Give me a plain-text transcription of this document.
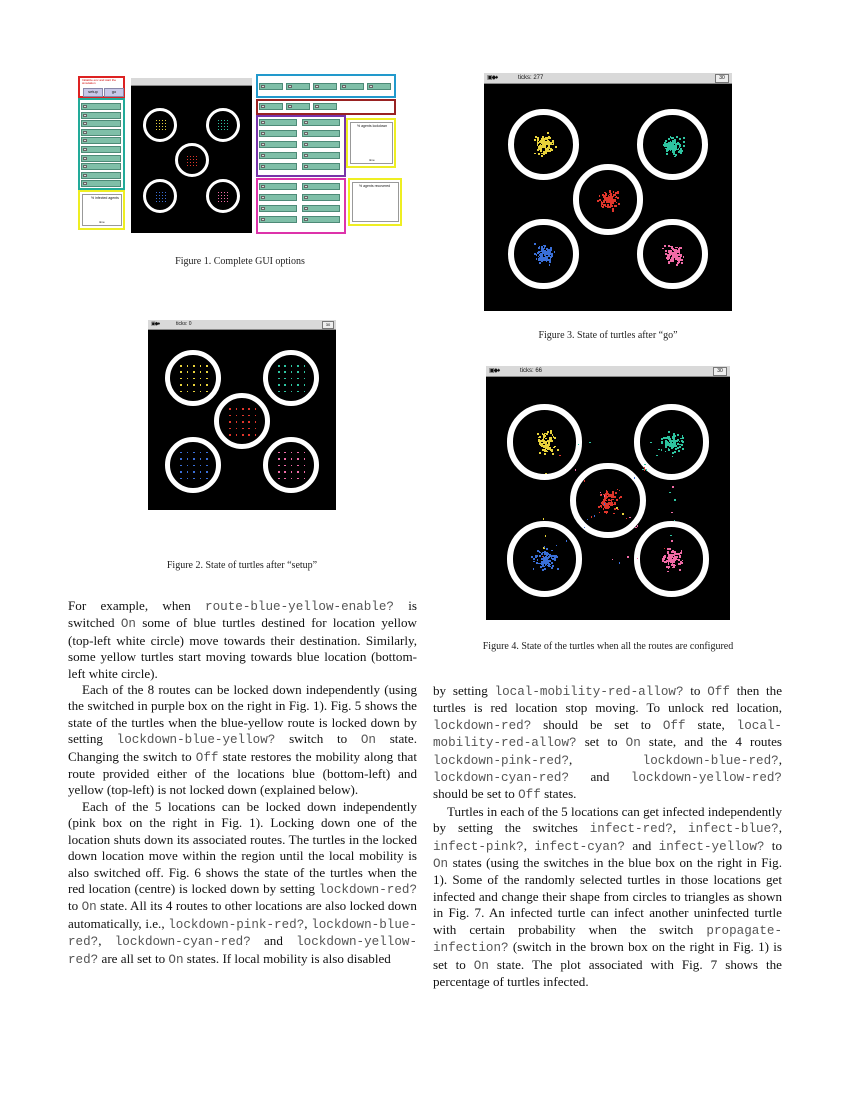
Initialize env and start the simulation
setup	go
% infected agents
time
% agents lockdown
time
% agents recovered
Figure 1. Complete GUI options
▣◆♦	ticks: 0	30
Figure 2. State of turtles after “setup”
▣◆♦	ticks: 277	30
Figure 3. State of turtles after “go”
▣◆♦	ticks: 66	30
Figure 4. State of the turtles when all the routes are configured

For example, when route-blue-yellow-enable? is switched On some of blue turtles destined for location yellow (top-left white circle) move towards their destination. Similarly, some yellow turtles start moving towards blue location (bottom-left white circle).

Each of the 8 routes can be locked down independently (using the switched in purple box on the right in Fig. 1). Fig. 5 shows the state of the turtles when the blue-yellow route is locked down by setting lockdown-blue-yellow? switch to On state. Changing the switch to Off state restores the mobility along that route provided either of the locations blue (bottom-left) and yellow (top-left) is not locked down (explained below).

Each of the 5 locations can be locked down independently (pink box on the right in Fig. 1). Locking down one of the location shuts down its associated routes. The turtles in the locked down location move within the region until the local mobility is also switched off. Fig. 6 shows the state of the turtles when the red location (centre) is locked down by setting lockdown-red? to On state. All its 4 routes to other locations are also locked down automatically, i.e., lockdown-pink-red?, lockdown-blue-red?, lockdown-cyan-red? and lockdown-yellow-red? are all set to On states. If local mobility is also disabled

by setting local-mobility-red-allow? to Off then the turtles is red location stop moving. To unlock red location, lockdown-red? should be set to Off state, local-mobility-red-allow? set to On state, and the 4 routes lockdown-pink-red?, lockdown-blue-red?, lockdown-cyan-red? and lockdown-yellow-red? should be set to Off states.

Turtles in each of the 5 locations can get infected independently by setting the switches infect-red?, infect-blue?, infect-pink?, infect-cyan? and infect-yellow? to On states (using the switches in the blue box on the right in Fig. 1). Some of the randomly selected turtles in those locations get infected and change their shape from circles to triangles as shown in Fig. 7. An infected turtle can infect another uninfected turtle with certain probability when the switch propagate-infection? (switch in the brown box on the right in Fig. 1) is set to On state. The plot associated with Fig. 7 shows the percentage of turtles infected.
